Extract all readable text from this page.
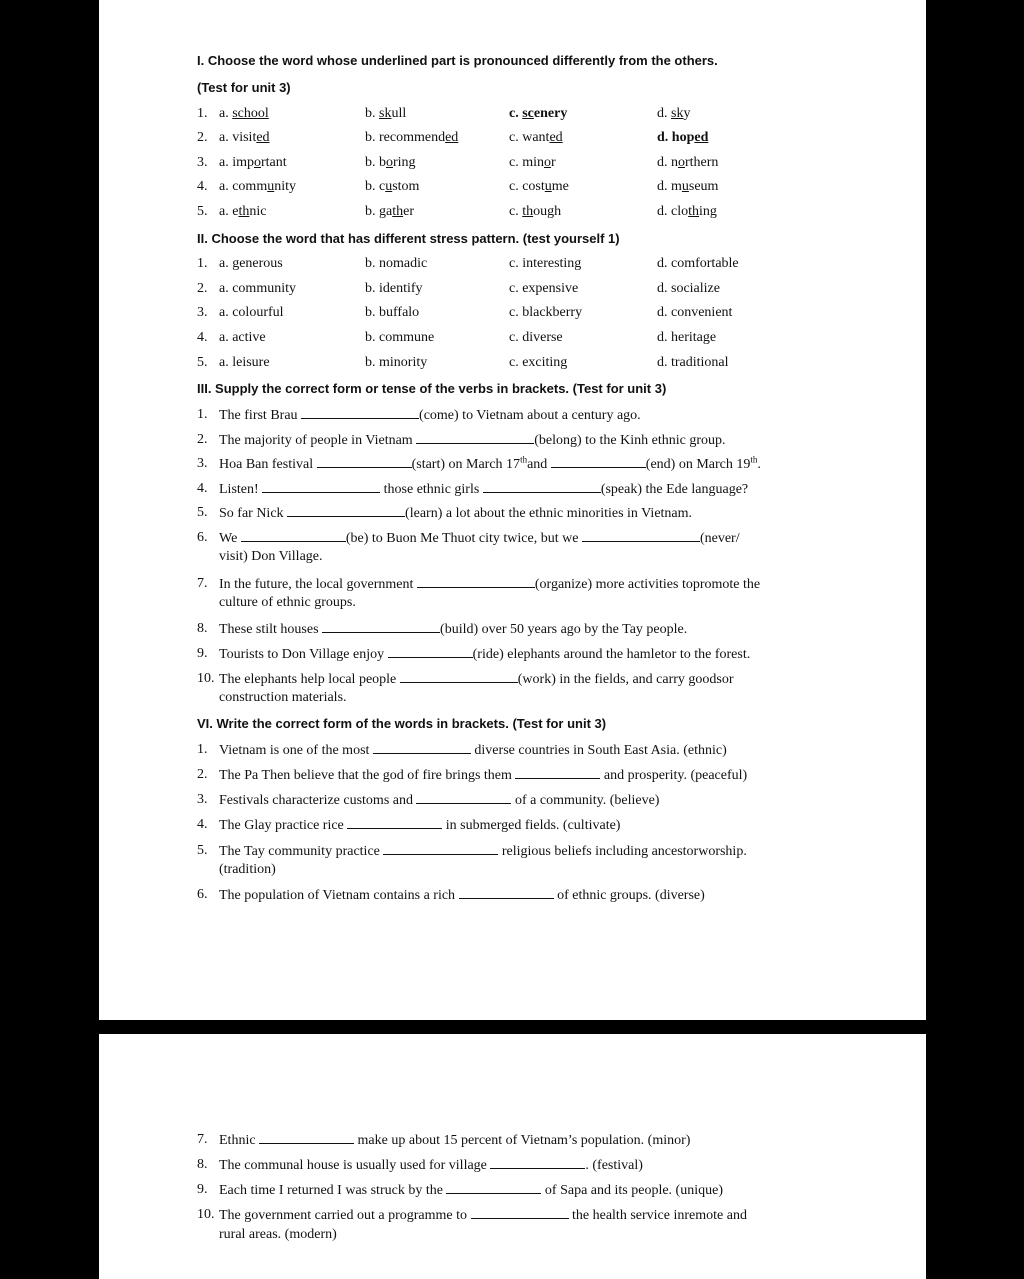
I. Choose the word whose underlined part is pronounced differently from the others.
(Test for unit 3)
1. a. school	b. skull	c. scenery	d. sky
2. a. visited	b. recommended	c. wanted	d. hoped
3. a. important	b. boring	c. minor	d. northern
4. a. community	b. custom	c. costume	d. museum
5. a. ethnic	b. gather	c. though	d. clothing
II. Choose the word that has different stress pattern. (test yourself 1)
1. a. generous	b. nomadic	c. interesting	d. comfortable
2. a. community	b. identify	c. expensive	d. socialize
3. a. colourful	b. buffalo	c. blackberry	d. convenient
4. a. active	b. commune	c. diverse	d. heritage
5. a. leisure	b. minority	c. exciting	d. traditional
III. Supply the correct form or tense of the verbs in brackets. (Test for unit 3)
1. The first Brau	(come) to Vietnam about a century ago.
2. The majority of people in Vietnam	(belong) to the Kinh ethnic group.
3. Hoa Ban festival	(start) on March 17thand	(end) on March 19th.
4. Listen!	those ethnic girls	(speak) the Ede language?
5. So far Nick	(learn) a lot about the ethnic minorities in Vietnam.
6. We	(be) to Buon Me Thuot city twice, but we	(never/
visit) Don Village.
7. In the future, the local government	(organize) more activities topromote the
culture of ethnic groups.
8. These stilt houses	(build) over 50 years ago by the Tay people.
9. Tourists to Don Village enjoy	(ride) elephants around the hamletor to the forest.
10. The elephants help local people	(work) in the fields, and carry goodsor
construction materials.
VI. Write the correct form of the words in brackets. (Test for unit 3)
1. Vietnam is one of the most	diverse countries in South East Asia. (ethnic)
2. The Pa Then believe that the god of fire brings them	and prosperity. (peaceful)
3. Festivals characterize customs and	of a community. (believe)
4. The Glay practice rice	in submerged fields. (cultivate)
5. The Tay community practice	religious beliefs including ancestorworship.
(tradition)
6. The population of Vietnam contains a rich	of ethnic groups. (diverse)
7. Ethnic	make up about 15 percent of Vietnam’s population. (minor)
8. The communal house is usually used for village	. (festival)
9. Each time I returned I was struck by the	of Sapa and its people. (unique)
10. The government carried out a programme to	the health service inremote and
rural areas. (modern)
